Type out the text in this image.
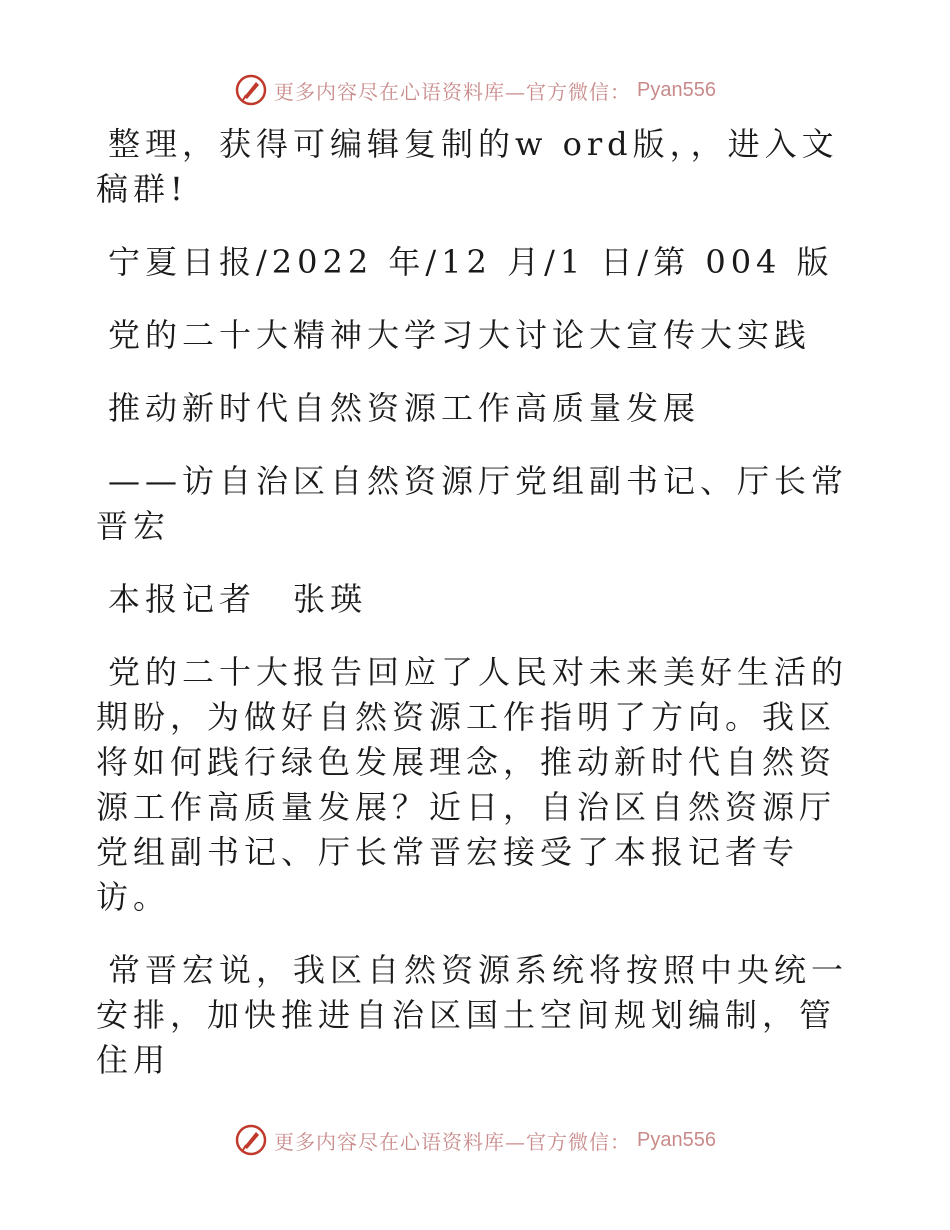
更多内容尽在心语资料库—官方微信： Pyan556

整理，获得可编辑复制的w ord版，，进入文稿群!

宁夏日报/2022 年/12 月/1 日/第 004 版

党的二十大精神大学习大讨论大宣传大实践

推动新时代自然资源工作高质量发展

——访自治区自然资源厅党组副书记、厅长常晋宏

本报记者　张瑛

党的二十大报告回应了人民对未来美好生活的期盼，为做好自然资源工作指明了方向。我区将如何践行绿色发展理念，推动新时代自然资源工作高质量发展？近日，自治区自然资源厅党组副书记、厅长常晋宏接受了本报记者专访。

常晋宏说，我区自然资源系统将按照中央统一安排，加快推进自治区国土空间规划编制，管住用

更多内容尽在心语资料库—官方微信： Pyan556
